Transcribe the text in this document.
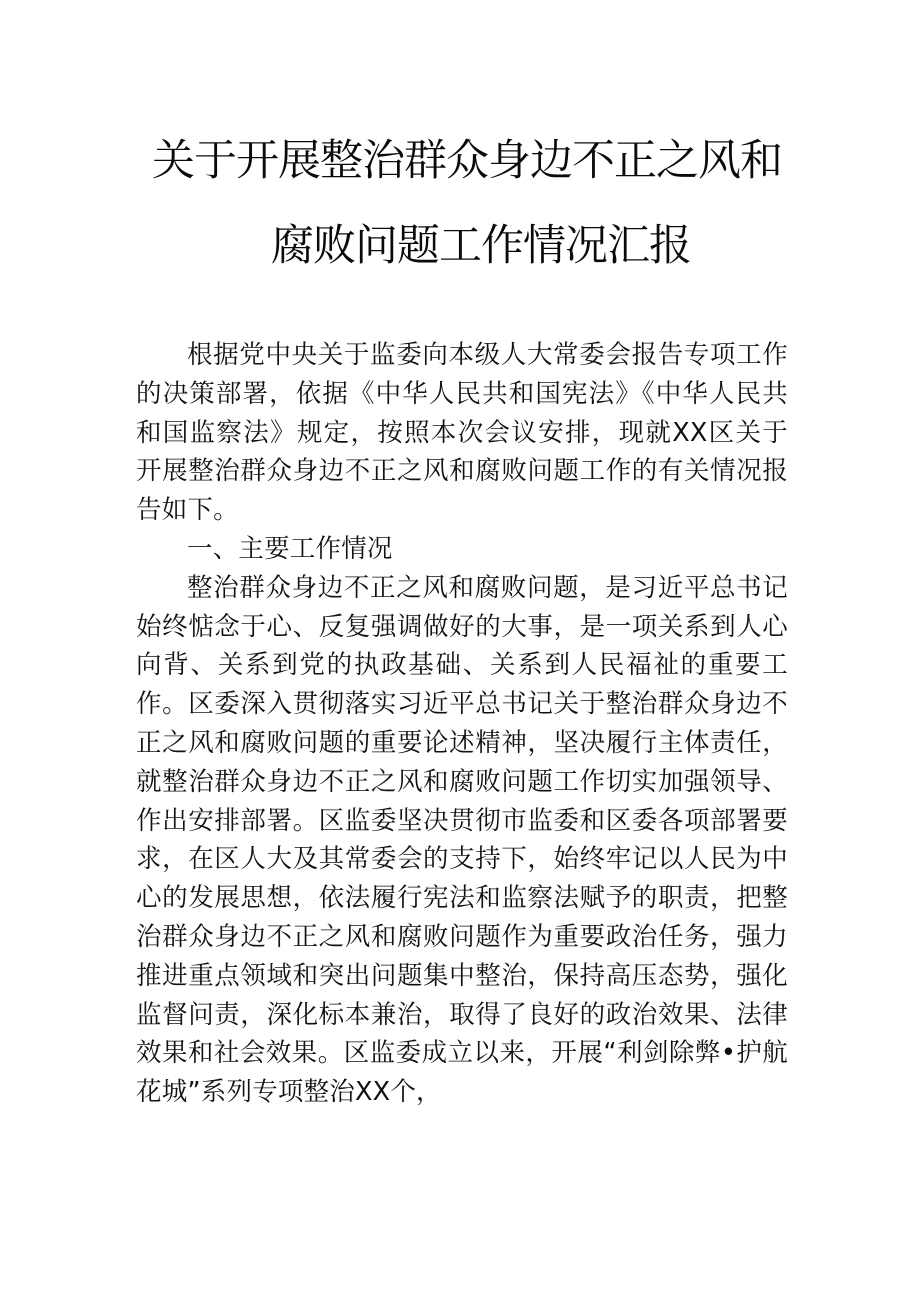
关于开展整治群众身边不正之风和
腐败问题工作情况汇报

根据党中央关于监委向本级人大常委会报告专项工作的决策部署，依据《中华人民共和国宪法》《中华人民共和国监察法》规定，按照本次会议安排，现就XX区关于开展整治群众身边不正之风和腐败问题工作的有关情况报告如下。

一、主要工作情况

整治群众身边不正之风和腐败问题，是习近平总书记始终惦念于心、反复强调做好的大事，是一项关系到人心向背、关系到党的执政基础、关系到人民福祉的重要工作。区委深入贯彻落实习近平总书记关于整治群众身边不正之风和腐败问题的重要论述精神，坚决履行主体责任，就整治群众身边不正之风和腐败问题工作切实加强领导、作出安排部署。区监委坚决贯彻市监委和区委各项部署要求，在区人大及其常委会的支持下，始终牢记以人民为中心的发展思想，依法履行宪法和监察法赋予的职责，把整治群众身边不正之风和腐败问题作为重要政治任务，强力推进重点领域和突出问题集中整治，保持高压态势，强化监督问责，深化标本兼治，取得了良好的政治效果、法律效果和社会效果。区监委成立以来，开展“利剑除弊•护航花城”系列专项整治XX个，
